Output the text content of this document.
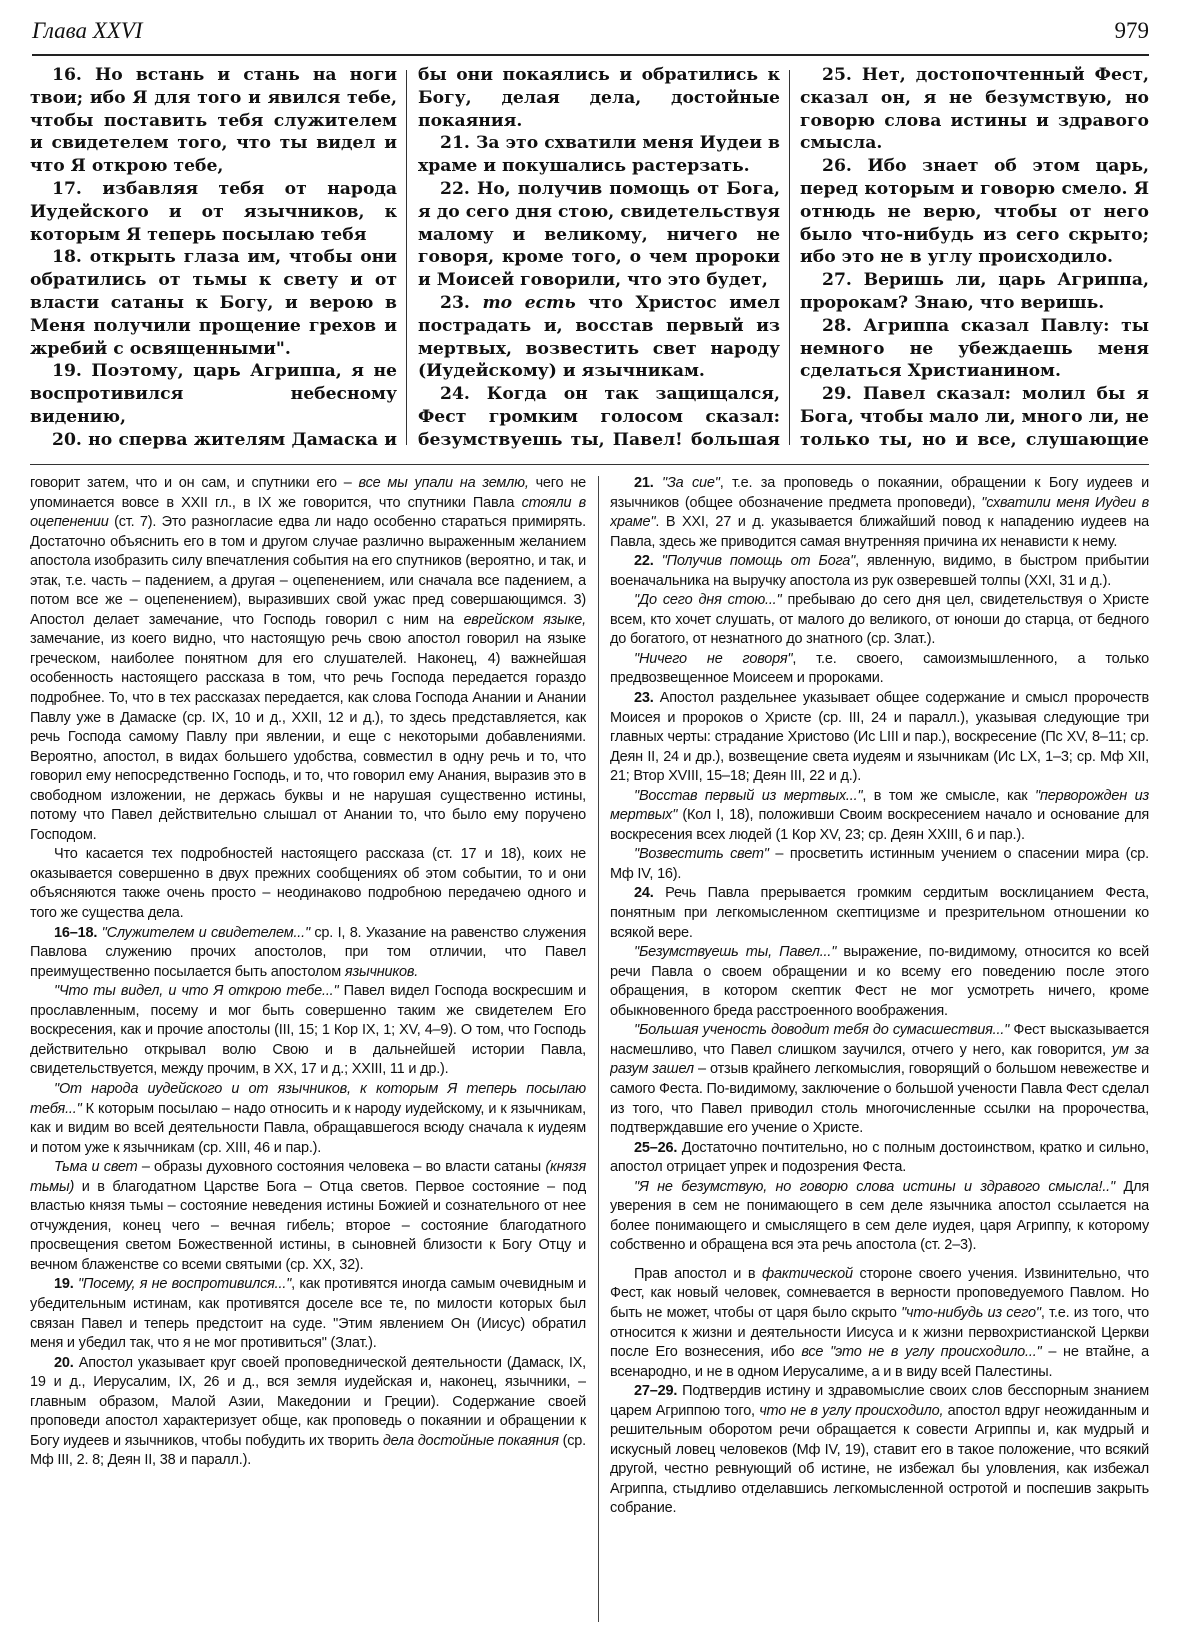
Глава XXVI	979

16. Но встань и стань на ноги твои; ибо Я для того и явился тебе, чтобы поставить тебя служителем и свидетелем того, что ты видел и что Я открою тебе,

17. избавляя тебя от народа Иудейского и от язычников, к которым Я теперь посылаю тебя

18. открыть глаза им, чтобы они обратились от тьмы к свету и от власти сатаны к Богу, и верою в Меня получили прощение грехов и жребий с освященными".

19. Поэтому, царь Агриппа, я не воспротивился небесному видению,

20. но сперва жителям Дамаска и

бы они покаялись и обратились к Богу, делая дела, достойные покаяния.

21. За это схватили меня Иудеи в храме и покушались растерзать.

22. Но, получив помощь от Бога, я до сего дня стою, свидетельствуя малому и великому, ничего не говоря, кроме того, о чем пророки и Моисей говорили, что это будет,

23. то есть что Христос имел пострадать и, восстав первый из мертвых, возвестить свет народу (Иудейскому) и язычникам.

24. Когда он так защищался, Фест громким голосом сказал: безумствуешь ты, Павел! большая

25. Нет, достопочтенный Фест, сказал он, я не безумствую, но говорю слова истины и здравого смысла.

26. Ибо знает об этом царь, перед которым и говорю смело. Я отнюдь не верю, чтобы от него было что-нибудь из сего скрыто; ибо это не в углу происходило.

27. Веришь ли, царь Агриппа, пророкам? Знаю, что веришь.

28. Агриппа сказал Павлу: ты немного не убеждаешь меня сделаться Христианином.

29. Павел сказал: молил бы я Бога, чтобы мало ли, много ли, не только ты, но и все, слушающие

говорит затем, что и он сам, и спутники его – все мы упали на землю, чего не упоминается вовсе в XXII гл., в IX же говорится, что спутники Павла стояли в оцепенении (ст. 7). Это разногласие едва ли надо особенно стараться примирять. Достаточно объяснить его в том и другом случае различно выраженным желанием апостола изобразить силу впечатления события на его спутников (вероятно, и так, и этак, т.е. часть – падением, а другая – оцепенением, или сначала все падением, а потом все же – оцепенением), выразивших свой ужас пред совершающимся. 3) Апостол делает замечание, что Господь говорил с ним на еврейском языке, замечание, из коего видно, что настоящую речь свою апостол говорил на языке греческом, наиболее понятном для его слушателей. Наконец, 4) важнейшая особенность настоящего рассказа в том, что речь Господа передается гораздо подробнее. То, что в тех рассказах передается, как слова Господа Анании и Анании Павлу уже в Дамаске (ср. IX, 10 и д., XXII, 12 и д.), то здесь представляется, как речь Господа самому Павлу при явлении, и еще с некоторыми добавлениями. Вероятно, апостол, в видах большего удобства, совместил в одну речь и то, что говорил ему непосредственно Господь, и то, что говорил ему Анания, выразив это в свободном изложении, не держась буквы и не нарушая существенно истины, потому что Павел действительно слышал от Анании то, что было ему поручено Господом.

Что касается тех подробностей настоящего рассказа (ст. 17 и 18), коих не оказывается совершенно в двух прежних сообщениях об этом событии, то и они объясняются также очень просто – неодинаково подробною передачею одного и того же существа дела.

16–18. "Служителем и свидетелем..." ср. I, 8. Указание на равенство служения Павлова служению прочих апостолов, при том отличии, что Павел преимущественно посылается быть апостолом язычников.

"Что ты видел, и что Я открою тебе..." Павел видел Господа воскресшим и прославленным, посему и мог быть совершенно таким же свидетелем Его воскресения, как и прочие апостолы (III, 15; 1 Кор IX, 1; XV, 4–9). О том, что Господь действительно открывал волю Свою и в дальнейшей истории Павла, свидетельствуется, между прочим, в XX, 17 и д.; XXIII, 11 и др.).

"От народа иудейского и от язычников, к которым Я теперь посылаю тебя..." К которым посылаю – надо относить и к народу иудейскому, и к язычникам, как и видим во всей деятельности Павла, обращавшегося всюду сначала к иудеям и потом уже к язычникам (ср. XIII, 46 и пар.).

Тьма и свет – образы духовного состояния человека – во власти сатаны (князя тьмы) и в благодатном Царстве Бога – Отца светов. Первое состояние – под властью князя тьмы – состояние неведения истины Божией и сознательного от нее отчуждения, конец чего – вечная гибель; второе – состояние благодатного просвещения светом Божественной истины, в сыновней близости к Богу Отцу и вечном блаженстве со всеми святыми (ср. XX, 32).

19. "Посему, я не воспротивился...", как противятся иногда самым очевидным и убедительным истинам, как противятся доселе все те, по милости которых был связан Павел и теперь предстоит на суде. "Этим явлением Он (Иисус) обратил меня и убедил так, что я не мог противиться" (Злат.).

20. Апостол указывает круг своей проповеднической деятельности (Дамаск, IX, 19 и д., Иерусалим, IX, 26 и д., вся земля иудейская и, наконец, язычники, – главным образом, Малой Азии, Македонии и Греции). Содержание своей проповеди апостол характеризует обще, как проповедь о покаянии и обращении к Богу иудеев и язычников, чтобы побудить их творить дела достойные покаяния (ср. Мф III, 2. 8; Деян II, 38 и паралл.).

21. "За сие", т.е. за проповедь о покаянии, обращении к Богу иудеев и язычников (общее обозначение предмета проповеди), "схватили меня Иудеи в храме". В XXI, 27 и д. указывается ближайший повод к нападению иудеев на Павла, здесь же приводится самая внутренняя причина их ненависти к нему.

22. "Получив помощь от Бога", явленную, видимо, в быстром прибытии военачальника на выручку апостола из рук озверевшей толпы (XXI, 31 и д.).

"До сего дня стою..." пребываю до сего дня цел, свидетельствуя о Христе всем, кто хочет слушать, от малого до великого, от юноши до старца, от бедного до богатого, от незнатного до знатного (ср. Злат.).

"Ничего не говоря", т.е. своего, самоизмышленного, а только предвозвещенное Моисеем и пророками.

23. Апостол раздельнее указывает общее содержание и смысл пророчеств Моисея и пророков о Христе (ср. III, 24 и паралл.), указывая следующие три главных черты: страдание Христово (Ис LIII и пар.), воскресение (Пс XV, 8–11; ср. Деян II, 24 и др.), возвещение света иудеям и язычникам (Ис LX, 1–3; ср. Мф XII, 21; Втор XVIII, 15–18; Деян III, 22 и д.).

"Восстав первый из мертвых...", в том же смысле, как "перворожден из мертвых" (Кол I, 18), положивши Своим воскресением начало и основание для воскресения всех людей (1 Кор XV, 23; ср. Деян XXIII, 6 и пар.).

"Возвестить свет" – просветить истинным учением о спасении мира (ср. Мф IV, 16).

24. Речь Павла прерывается громким сердитым восклицанием Феста, понятным при легкомысленном скептицизме и презрительном отношении ко всякой вере.

"Безумствуешь ты, Павел..." выражение, по-видимому, относится ко всей речи Павла о своем обращении и ко всему его поведению после этого обращения, в котором скептик Фест не мог усмотреть ничего, кроме обыкновенного бреда расстроенного воображения.

"Большая ученость доводит тебя до сумасшествия..." Фест высказывается насмешливо, что Павел слишком заучился, отчего у него, как говорится, ум за разум зашел – отзыв крайнего легкомыслия, говорящий о большом невежестве и самого Феста. По-видимому, заключение о большой учености Павла Фест сделал из того, что Павел приводил столь многочисленные ссылки на пророчества, подтверждавшие его учение о Христе.

25–26. Достаточно почтительно, но с полным достоинством, кратко и сильно, апостол отрицает упрек и подозрения Феста.

"Я не безумствую, но говорю слова истины и здравого смысла!.." Для уверения в сем не понимающего в сем деле язычника апостол ссылается на более понимающего и смыслящего в сем деле иудея, царя Агриппу, к которому собственно и обращена вся эта речь апостола (ст. 2–3).

Прав апостол и в фактической стороне своего учения. Извинительно, что Фест, как новый человек, сомневается в верности проповедуемого Павлом. Но быть не может, чтобы от царя было скрыто "что-нибудь из сего", т.е. из того, что относится к жизни и деятельности Иисуса и к жизни первохристианской Церкви после Его вознесения, ибо все "это не в углу происходило..." – не втайне, а всенародно, и не в одном Иерусалиме, а и в виду всей Палестины.

27–29. Подтвердив истину и здравомыслие своих слов бесспорным знанием царем Агриппою того, что не в углу происходило, апостол вдруг неожиданным и решительным оборотом речи обращается к совести Агриппы и, как мудрый и искусный ловец человеков (Мф IV, 19), ставит его в такое положение, что всякий другой, честно ревнующий об истине, не избежал бы уловления, как избежал Агриппа, стыдливо отделавшись легкомысленной остротой и поспешив закрыть собрание.
